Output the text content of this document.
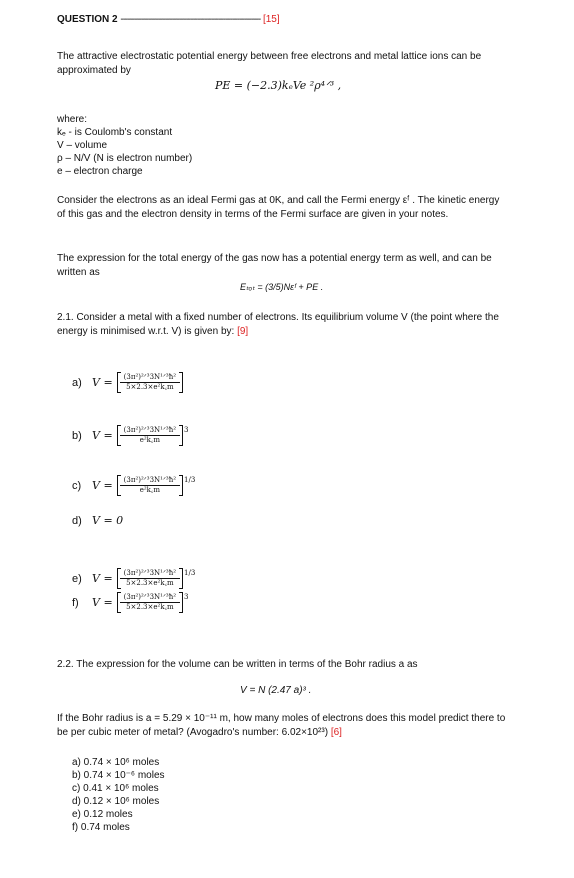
QUESTION 2 ------------------------------------------------------------ [15]
The attractive electrostatic potential energy between free electrons and metal lattice ions can be approximated by
PE = (−2.3)kₑVe ²ρ⁴ᐟ³ ,
where:
kₑ - is Coulomb's constant
V – volume
ρ – N/V (N is electron number)
e – electron charge
Consider the electrons as an ideal Fermi gas at 0K, and call the Fermi energy εᶠ . The kinetic energy of this gas and the electron density in terms of the Fermi surface are given in your notes.
The expression for the total energy of the gas now has a potential energy term as well, and can be written as
Eₜₒₜ = (3/5)Nεᶠ + PE .
2.1. Consider a metal with a fixed number of electrons. Its equilibrium volume V (the point where the energy is minimised w.r.t. V) is given by: [9]
a) $V = \frac{\text{(3π²)²ᐟ³3N¹ᐟ³ħ²}}{\text{5×2.3×e²k꜀m}}$
b) $V = \frac{\text{(3π²)²ᐟ³3N¹ᐟ³ħ²}}{\text{e²k꜀m}} ^3$
c) $V = \frac{\text{(3π²)²ᐟ³3N¹ᐟ³ħ²}}{\text{e²k꜀m}} ^{1/3}$
d) V = 0
e) $V = \frac{\text{(3π²)²ᐟ³3N¹ᐟ³ħ²}}{\text{5×2.3×e²k꜀m}} ^{1/3}$
f)	$V = \frac{\text{(3π²)²ᐟ³3N¹ᐟ³ħ²}}{\text{5×2.3×e²k꜀m}} ^3$
2.2. The expression for the volume can be written in terms of the Bohr radius a as
V = N (2.47 a)³ .
If the Bohr radius is a = 5.29 × 10⁻¹¹ m, how many moles of electrons does this model predict there to be per cubic meter of metal? (Avogadro's number: 6.02×10²³) [6]
a) 0.74 × 10⁶ moles
b) 0.74 × 10⁻⁶ moles
c) 0.41 × 10⁶ moles
d) 0.12 × 10⁶ moles
e) 0.12 moles
f) 0.74 moles
